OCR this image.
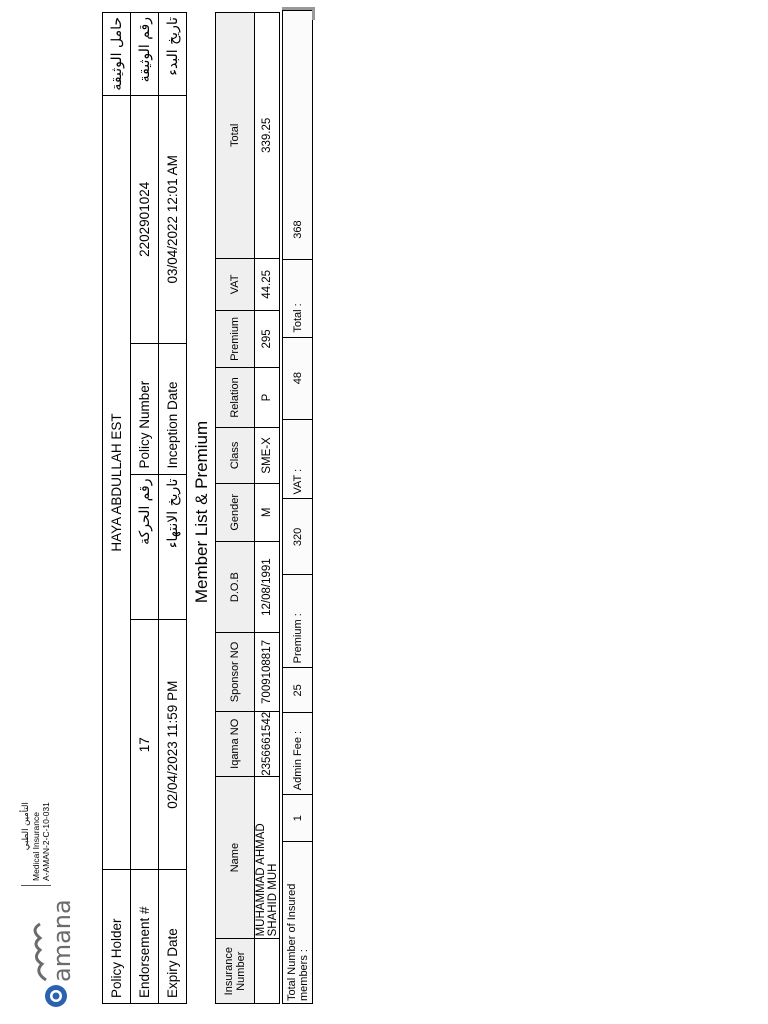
amana
التأمين الطبي Medical Insurance A-AMAN-2-C-10-031
Policy Holder	HAYA ABDULLAH EST				حامل الوثيقة
Endorsement #	17	رقم الحركة	Policy Number	2202901024	رقم الوثيقة
Expiry Date	02/04/2023 11:59 PM	تاريخ الانتهاء	Inception Date	03/04/2022 12:01 AM	تاريخ البدء
Member List & Premium
Insurance Number	Name	Iqama NO	Sponsor NO	D.O.B	Gender	Class	Relation	Premium	VAT	Total
	MUHAMMAD AHMAD SHAHID MUH	2356661542	7009108817	12/08/1991	M	SME-X	P	295	44.25	339.25
Total Number of Insured members :	1	Admin Fee :	25	Premium :	320	VAT :	48	Total :	368
